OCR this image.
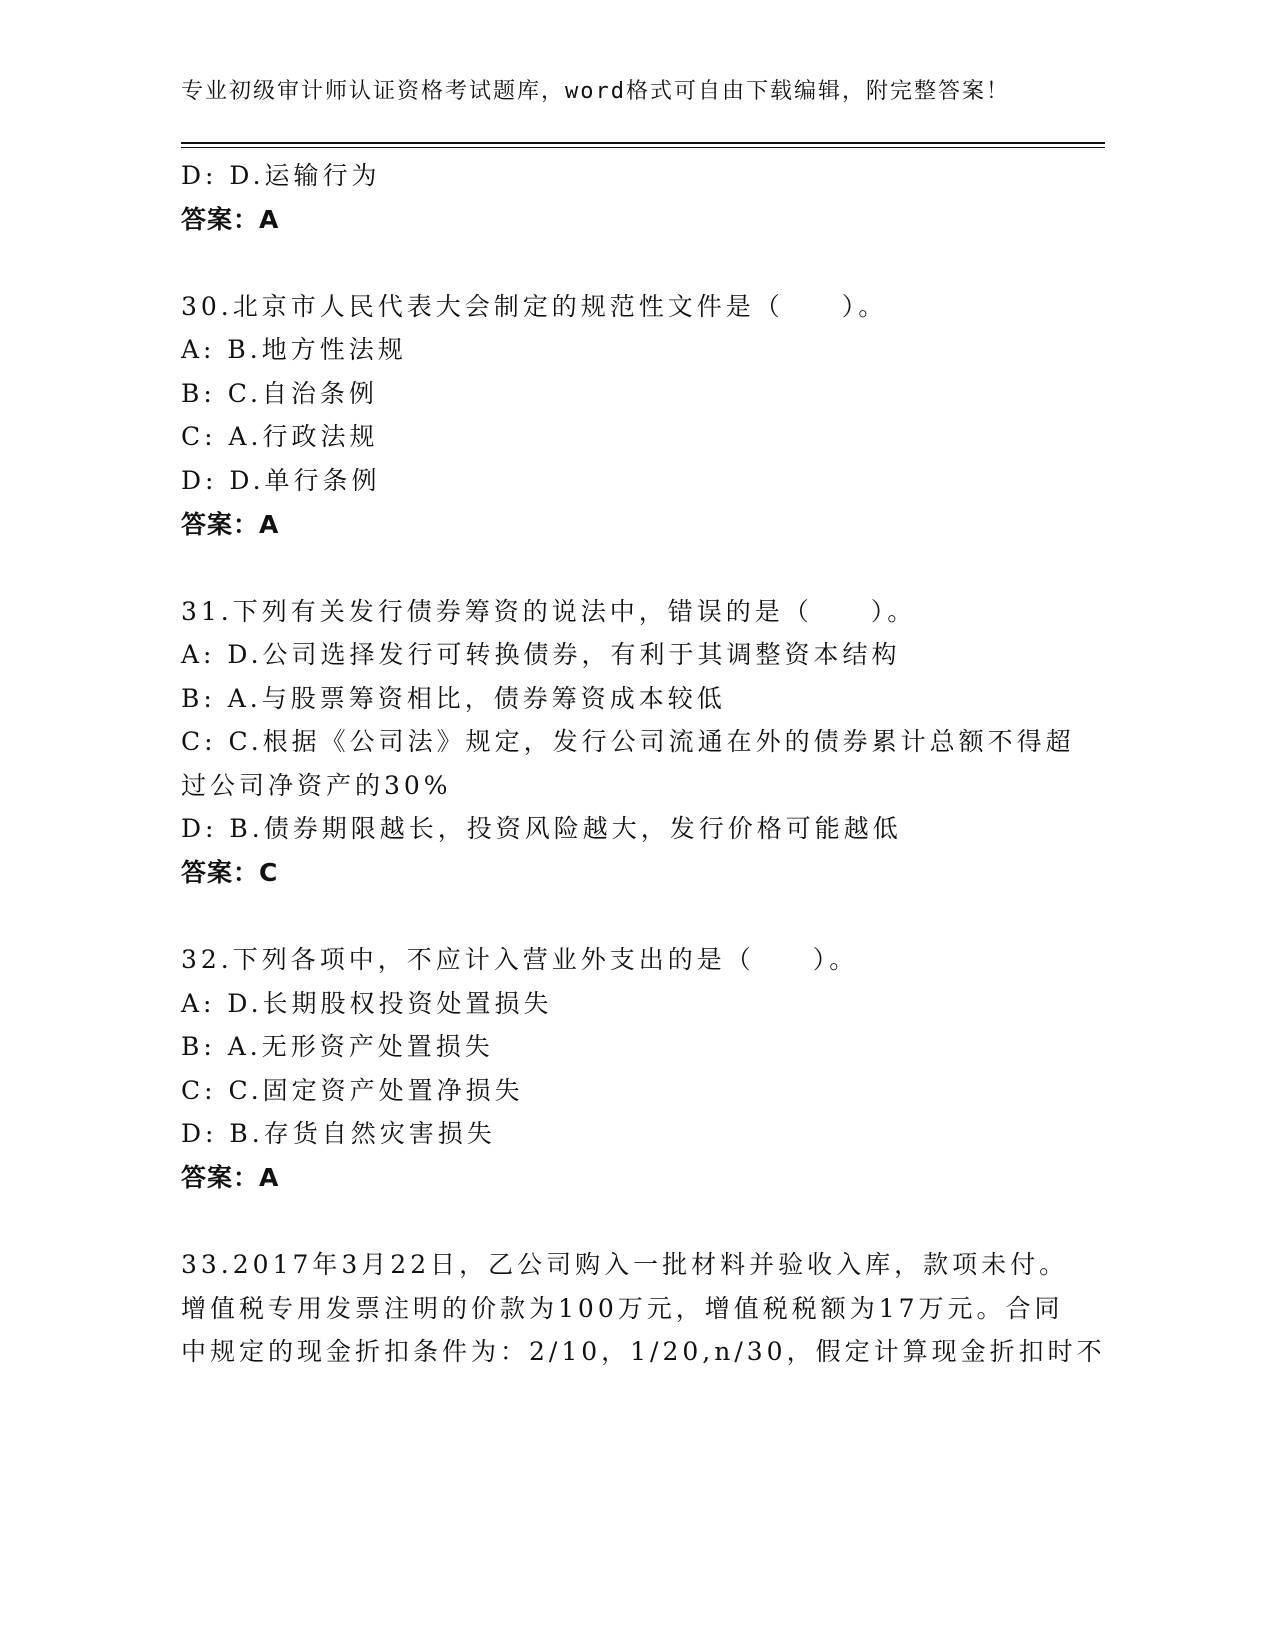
专业初级审计师认证资格考试题库，word格式可自由下载编辑，附完整答案！
D: D.运输行为
答案：A
30.北京市人民代表大会制定的规范性文件是（　　）。
A: B.地方性法规
B: C.自治条例
C: A.行政法规
D: D.单行条例
答案：A
31.下列有关发行债券筹资的说法中，错误的是（　　）。
A: D.公司选择发行可转换债券，有利于其调整资本结构
B: A.与股票筹资相比，债券筹资成本较低
C: C.根据《公司法》规定，发行公司流通在外的债券累计总额不得超
过公司净资产的30%
D: B.债券期限越长，投资风险越大，发行价格可能越低
答案：C
32.下列各项中，不应计入营业外支出的是（　　）。
A: D.长期股权投资处置损失
B: A.无形资产处置损失
C: C.固定资产处置净损失
D: B.存货自然灾害损失
答案：A
33.2017年3月22日，乙公司购入一批材料并验收入库，款项未付。
增值税专用发票注明的价款为100万元，增值税税额为17万元。合同
中规定的现金折扣条件为：2/10，1/20,n/30，假定计算现金折扣时不
